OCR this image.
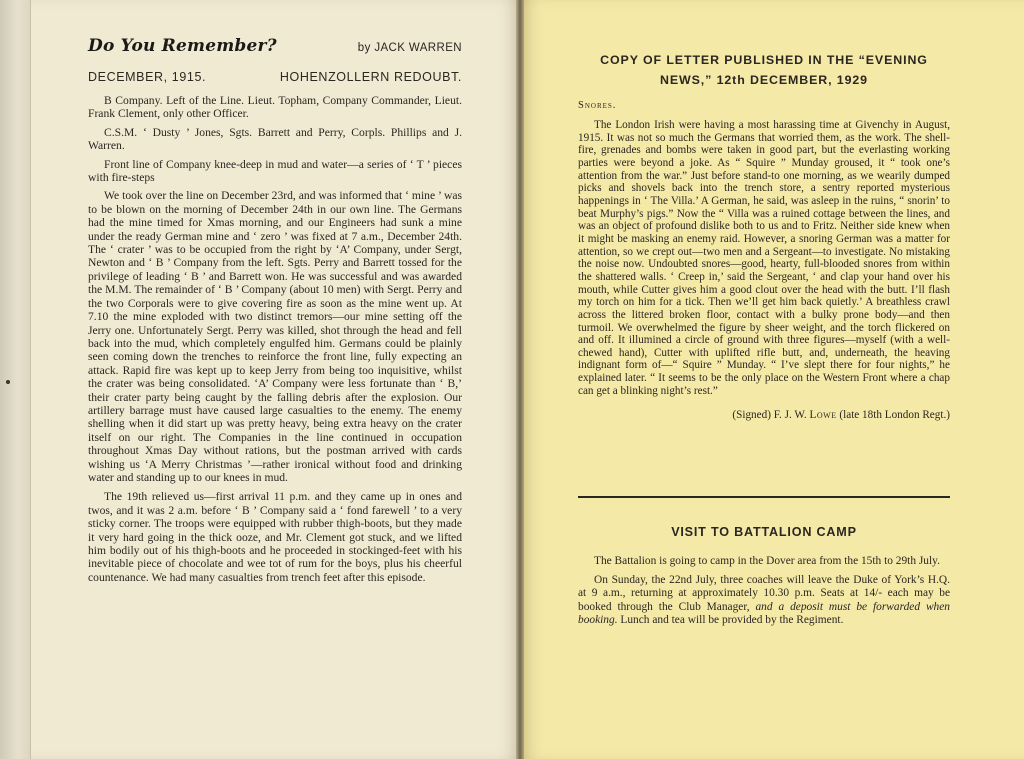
Do You Remember?	by JACK WARREN
DECEMBER, 1915.	HOHENZOLLERN REDOUBT.

B Company. Left of the Line. Lieut. Topham, Company Commander, Lieut. Frank Clement, only other Officer.

C.S.M. ‘ Dusty ’ Jones, Sgts. Barrett and Perry, Corpls. Phillips and J. Warren.

Front line of Company knee-deep in mud and water—a series of ‘ T ’ pieces with fire-steps

We took over the line on December 23rd, and was informed that ‘ mine ’ was to be blown on the morning of December 24th in our own line. The Germans had the mine timed for Xmas morning, and our Engineers had sunk a mine under the ready German mine and ‘ zero ’ was fixed at 7 a.m., December 24th. The ‘ crater ’ was to be occupied from the right by ‘A’ Company, under Sergt, Newton and ‘ B ’ Company from the left. Sgts. Perry and Barrett tossed for the privilege of leading ‘ B ’ and Barrett won. He was successful and was awarded the M.M. The remainder of ‘ B ’ Company (about 10 men) with Sergt. Perry and the two Corporals were to give covering fire as soon as the mine went up. At 7.10 the mine exploded with two distinct tremors—our mine setting off the Jerry one. Unfortunately Sergt. Perry was killed, shot through the head and fell back into the mud, which completely engulfed him. Germans could be plainly seen coming down the trenches to reinforce the front line, fully expecting an attack. Rapid fire was kept up to keep Jerry from being too inquisitive, whilst the crater was being consolidated. ‘A’ Company were less fortunate than ‘ B,’ their crater party being caught by the falling debris after the explosion. Our artillery barrage must have caused large casualties to the enemy. The enemy shelling when it did start up was pretty heavy, being extra heavy on the crater itself on our right. The Companies in the line continued in occupation throughout Xmas Day without rations, but the postman arrived with cards wishing us ‘A Merry Christmas ’—rather ironical without food and drinking water and standing up to our knees in mud.

The 19th relieved us—first arrival 11 p.m. and they came up in ones and twos, and it was 2 a.m. before ‘ B ’ Company said a ‘ fond farewell ’ to a very sticky corner. The troops were equipped with rubber thigh-boots, but they made it very hard going in the thick ooze, and Mr. Clement got stuck, and we lifted him bodily out of his thigh-boots and he proceeded in stockinged-feet with his inevitable piece of chocolate and wee tot of rum for the boys, plus his cheerful countenance. We had many casualties from trench feet after this episode.

COPY OF LETTER PUBLISHED IN THE “EVENING NEWS,” 12th DECEMBER, 1929

Snores.

The London Irish were having a most harassing time at Givenchy in August, 1915. It was not so much the Germans that worried them, as the work. The shell-fire, grenades and bombs were taken in good part, but the everlasting working parties were beyond a joke. As “ Squire ” Munday groused, it “ took one’s attention from the war.” Just before stand-to one morning, as we wearily dumped picks and shovels back into the trench store, a sentry reported mysterious happenings in ‘ The Villa.’ A German, he said, was asleep in the ruins, “ snorin’ to beat Murphy’s pigs.” Now the “ Villa was a ruined cottage between the lines, and was an object of profound dislike both to us and to Fritz. Neither side knew when it might be masking an enemy raid. However, a snoring German was a matter for attention, so we crept out—two men and a Sergeant—to investigate. No mistaking the noise now. Undoubted snores—good, hearty, full-blooded snores from within the shattered walls. ‘ Creep in,’ said the Sergeant, ‘ and clap your hand over his mouth, while Cutter gives him a good clout over the head with the butt. I’ll flash my torch on him for a tick. Then we’ll get him back quietly.’ A breathless crawl across the littered broken floor, contact with a bulky prone body—and then turmoil. We overwhelmed the figure by sheer weight, and the torch flickered on and off. It illumined a circle of ground with three figures—myself (with a well-chewed hand), Cutter with uplifted rifle butt, and, underneath, the heaving indignant form of—“ Squire ” Munday. “ I’ve slept there for four nights,” he explained later. “ It seems to be the only place on the Western Front where a chap can get a blinking night’s rest.”

(Signed) F. J. W. Lowe (late 18th London Regt.)

VISIT TO BATTALION CAMP

The Battalion is going to camp in the Dover area from the 15th to 29th July.

On Sunday, the 22nd July, three coaches will leave the Duke of York’s H.Q. at 9 a.m., returning at approximately 10.30 p.m. Seats at 14/- each may be booked through the Club Manager, and a deposit must be forwarded when booking. Lunch and tea will be provided by the Regiment.
